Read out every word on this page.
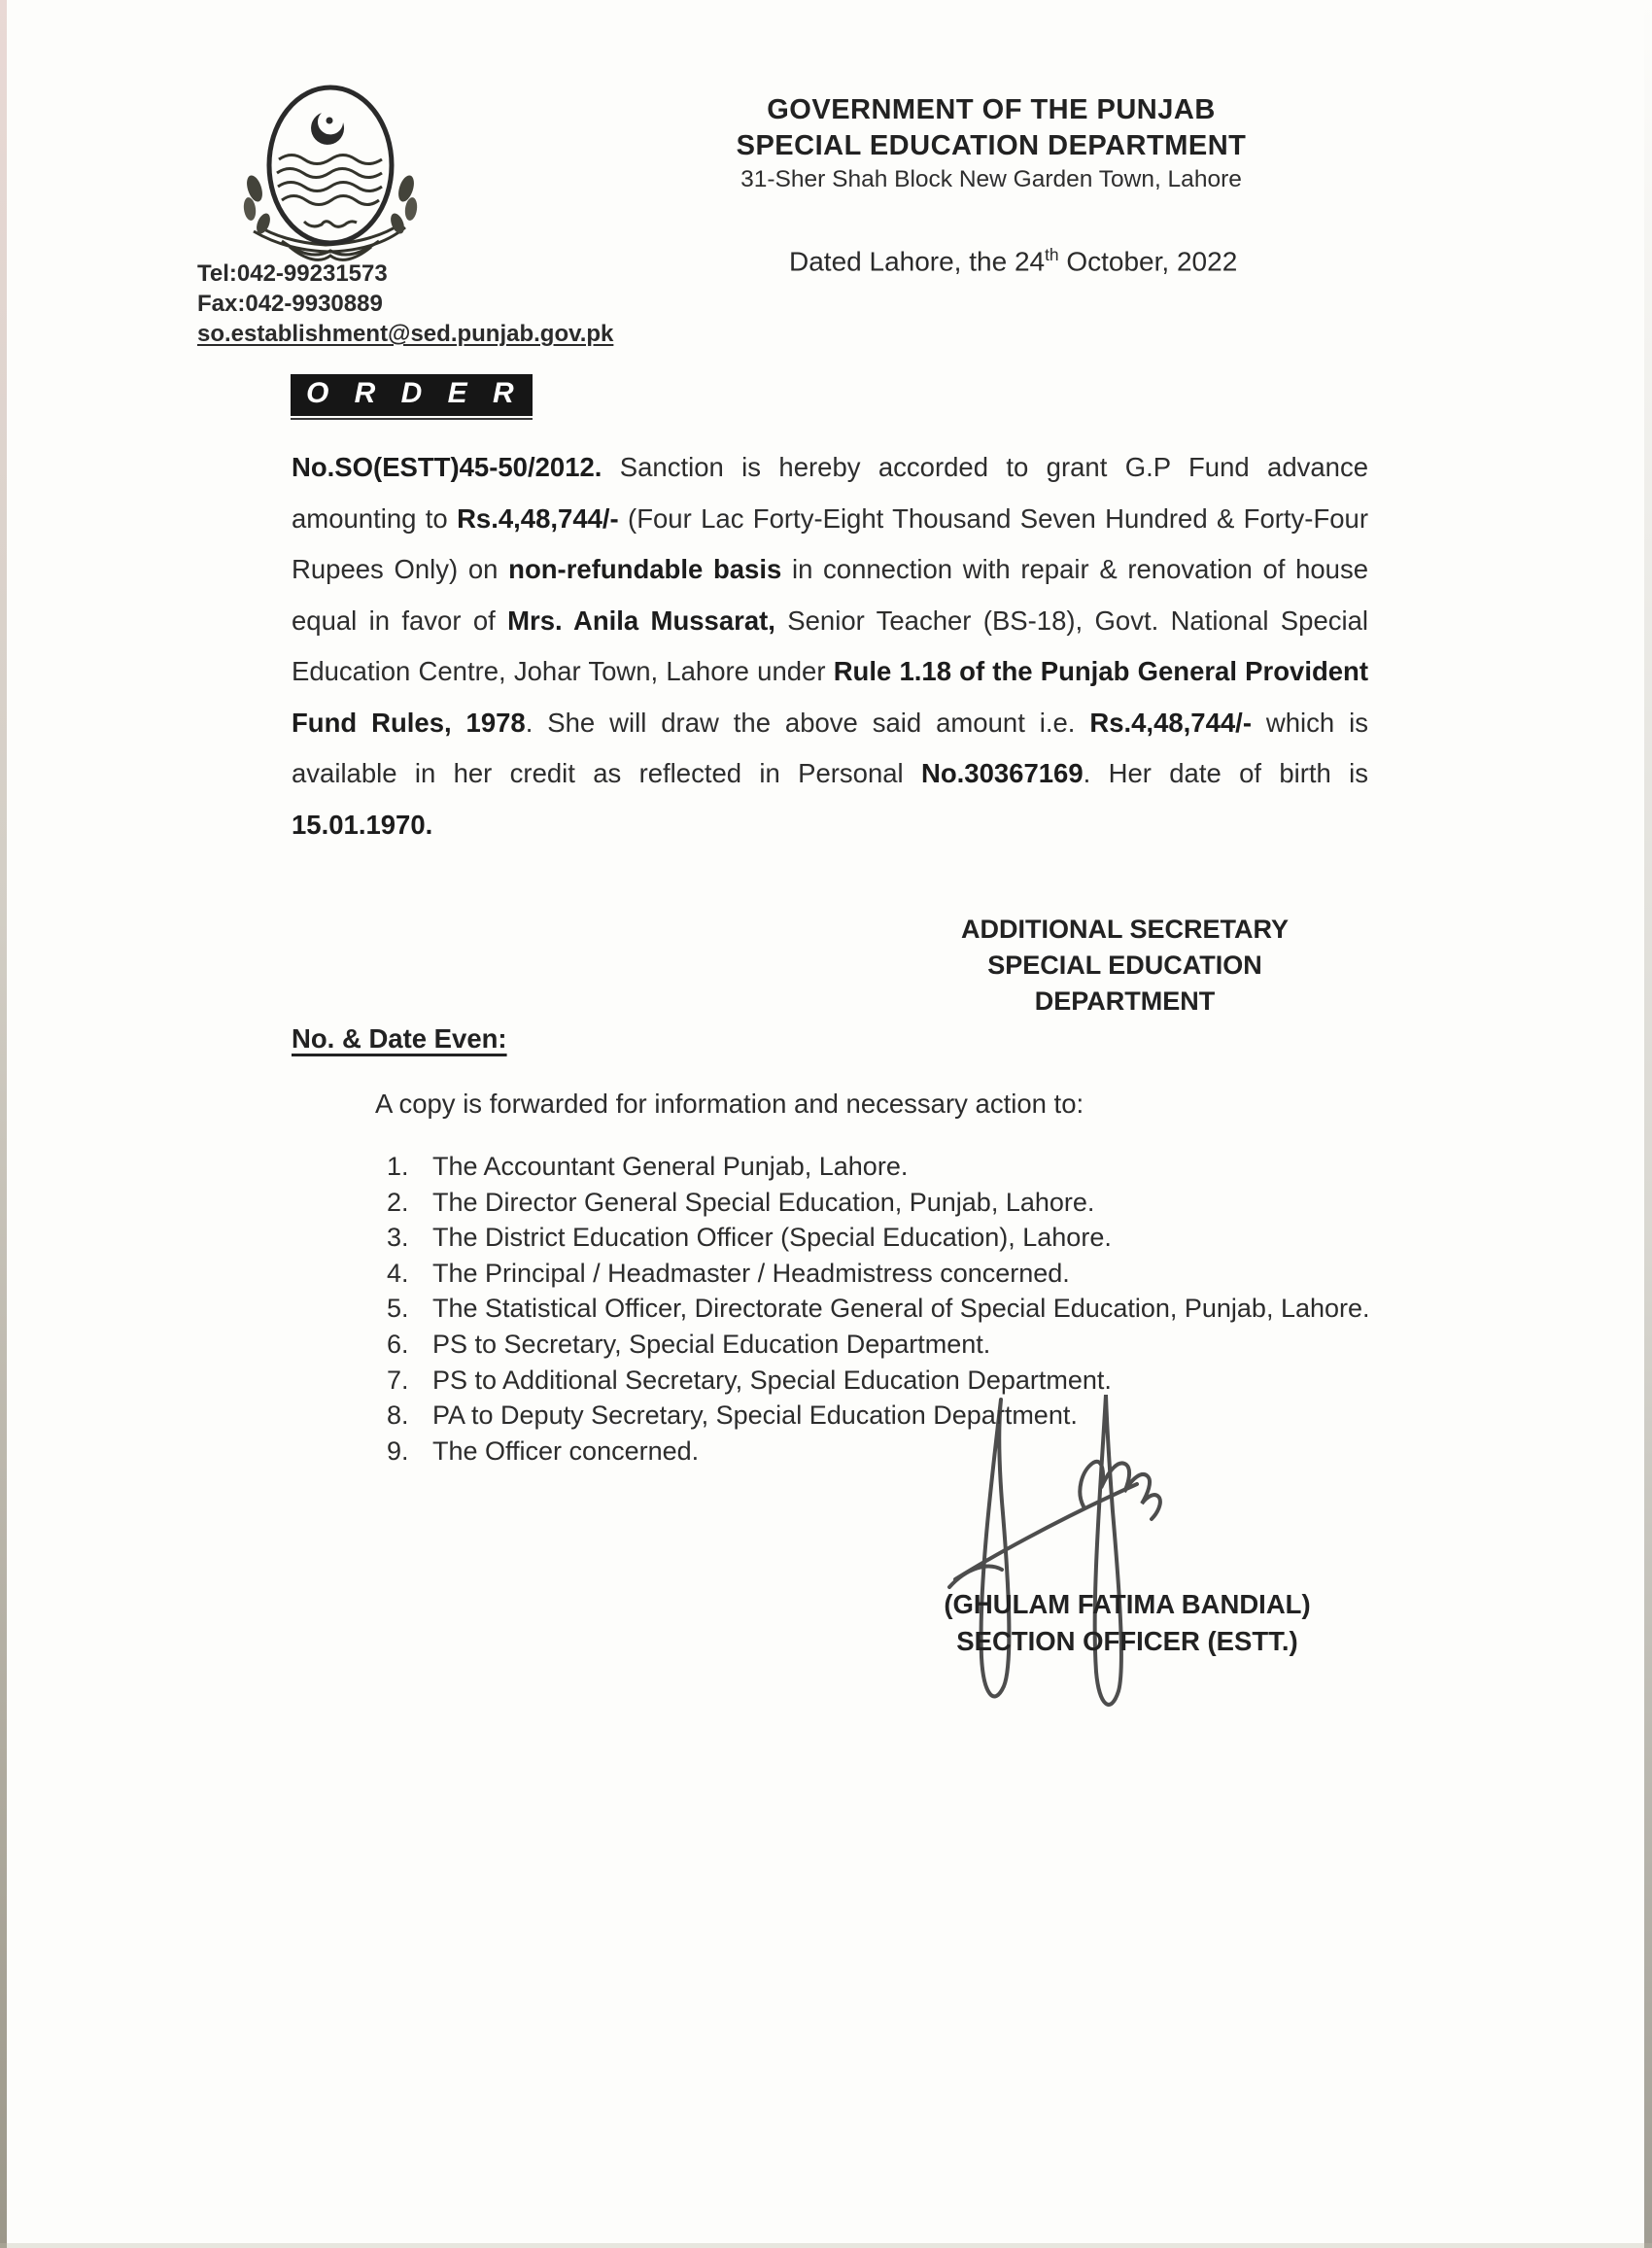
Tel:042-99231573
Fax:042-9930889
so.establishment@sed.punjab.gov.pk
GOVERNMENT OF THE PUNJAB
SPECIAL EDUCATION DEPARTMENT
31-Sher Shah Block New Garden Town, Lahore
Dated Lahore, the 24th October, 2022
O R D E R
No.SO(ESTT)45-50/2012. Sanction is hereby accorded to grant G.P Fund advance amounting to Rs.4,48,744/- (Four Lac Forty-Eight Thousand Seven Hundred & Forty-Four Rupees Only) on non-refundable basis in connection with repair & renovation of house equal in favor of Mrs. Anila Mussarat, Senior Teacher (BS-18), Govt. National Special Education Centre, Johar Town, Lahore under Rule 1.18 of the Punjab General Provident Fund Rules, 1978. She will draw the above said amount i.e. Rs.4,48,744/- which is available in her credit as reflected in Personal No.30367169. Her date of birth is 15.01.1970.
ADDITIONAL SECRETARY
SPECIAL EDUCATION
DEPARTMENT
No. & Date Even:
A copy is forwarded for information and necessary action to:
The Accountant General Punjab, Lahore.
The Director General Special Education, Punjab, Lahore.
The District Education Officer (Special Education), Lahore.
The Principal / Headmaster / Headmistress concerned.
The Statistical Officer, Directorate General of Special Education, Punjab, Lahore.
PS to Secretary, Special Education Department.
PS to Additional Secretary, Special Education Department.
PA to Deputy Secretary, Special Education Department.
The Officer concerned.
(GHULAM FATIMA BANDIAL)
SECTION OFFICER (ESTT.)
